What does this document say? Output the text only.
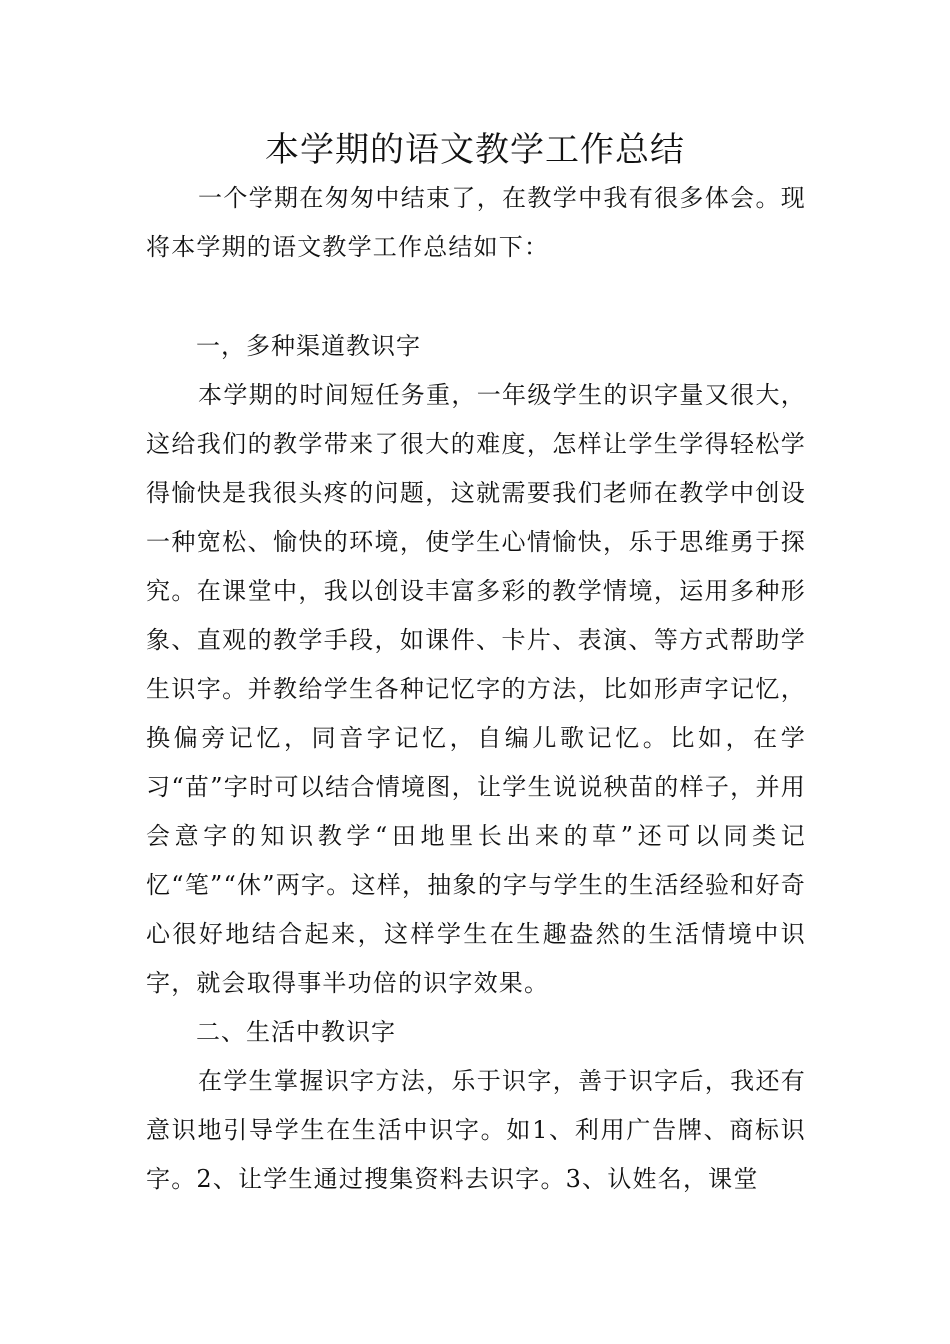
本学期的语文教学工作总结

一个学期在匆匆中结束了，在教学中我有很多体会。现将本学期的语文教学工作总结如下：

一，多种渠道教识字

本学期的时间短任务重，一年级学生的识字量又很大，这给我们的教学带来了很大的难度，怎样让学生学得轻松学得愉快是我很头疼的问题，这就需要我们老师在教学中创设一种宽松、愉快的环境，使学生心情愉快，乐于思维勇于探究。在课堂中，我以创设丰富多彩的教学情境，运用多种形象、直观的教学手段，如课件、卡片、表演、等方式帮助学生识字。并教给学生各种记忆字的方法，比如形声字记忆，换偏旁记忆，同音字记忆，自编儿歌记忆。比如，在学习“苗”字时可以结合情境图，让学生说说秧苗的样子，并用会意字的知识教学“田地里长出来的草”还可以同类记忆“笔”“休”两字。这样，抽象的字与学生的生活经验和好奇心很好地结合起来，这样学生在生趣盎然的生活情境中识字，就会取得事半功倍的识字效果。

二、生活中教识字

在学生掌握识字方法，乐于识字，善于识字后，我还有意识地引导学生在生活中识字。如1、利用广告牌、商标识字。2、让学生通过搜集资料去识字。3、认姓名，课堂
